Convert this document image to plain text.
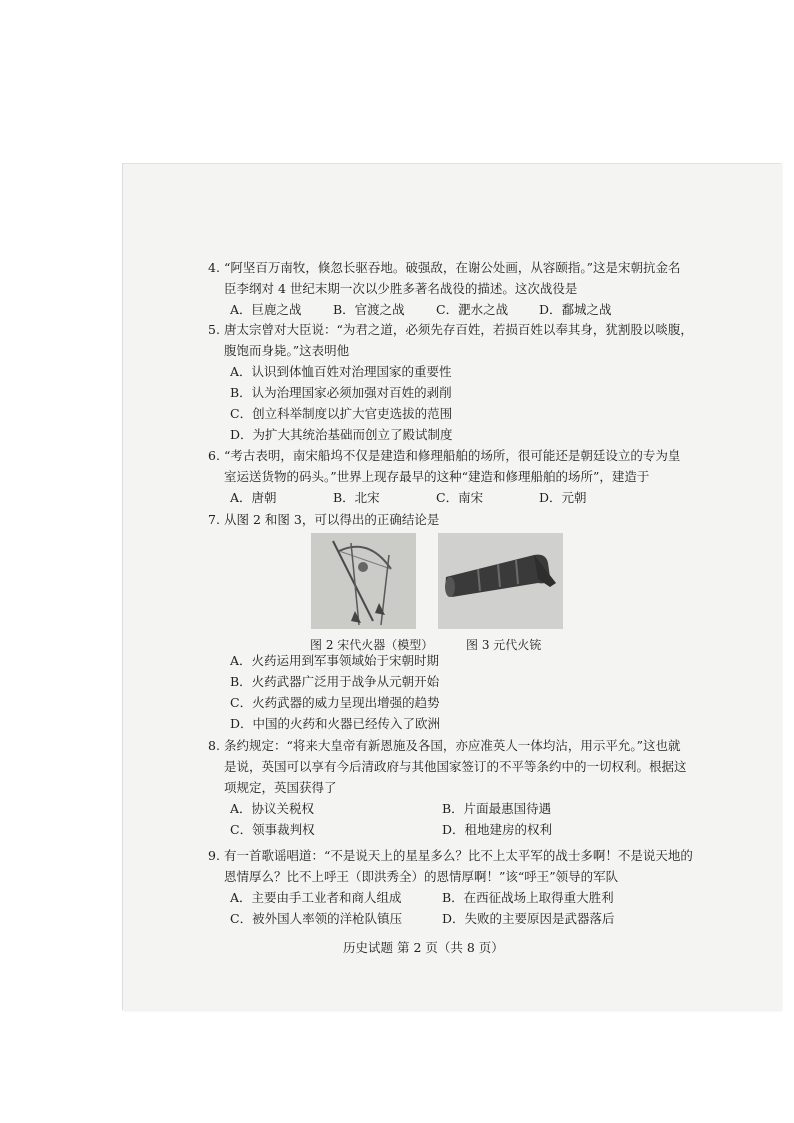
4. “阿坚百万南牧，倏忽长驱吞地。破强敌，在谢公处画，从容颐指。”这是宋朝抗金名
臣李纲对 4 世纪末期一次以少胜多著名战役的描述。这次战役是
A．巨鹿之战	B．官渡之战	C．淝水之战	D．鄱城之战
5. 唐太宗曾对大臣说：“为君之道，必须先存百姓，若损百姓以奉其身，犹割股以啖腹，
腹饱而身毙。”这表明他
A．认识到体恤百姓对治理国家的重要性
B．认为治理国家必须加强对百姓的剥削
C．创立科举制度以扩大官吏选拔的范围
D．为扩大其统治基础而创立了殿试制度
6. “考古表明，南宋船坞不仅是建造和修理船舶的场所，很可能还是朝廷设立的专为皇
室运送货物的码头。”世界上现存最早的这种“建造和修理船舶的场所”，建造于
A．唐朝	B．北宋	C．南宋	D．元朝
7. 从图 2 和图 3，可以得出的正确结论是
图 2 宋代火器（模型）	图 3 元代火铳
A．火药运用到军事领域始于宋朝时期
B．火药武器广泛用于战争从元朝开始
C．火药武器的威力呈现出增强的趋势
D．中国的火药和火器已经传入了欧洲
8. 条约规定：“将来大皇帝有新恩施及各国，亦应准英人一体均沾，用示平允。”这也就
是说，英国可以享有今后清政府与其他国家签订的不平等条约中的一切权利。根据这
项规定，英国获得了
A．协议关税权	B．片面最惠国待遇
C．领事裁判权	D．租地建房的权利
9. 有一首歌谣唱道：“不是说天上的星星多么？比不上太平军的战士多啊！不是说天地的
恩情厚么？比不上呼王（即洪秀全）的恩情厚啊！”该“呼王”领导的军队
A．主要由手工业者和商人组成	B．在西征战场上取得重大胜利
C．被外国人率领的洋枪队镇压	D．失败的主要原因是武器落后
历史试题 第 2 页（共 8 页）
